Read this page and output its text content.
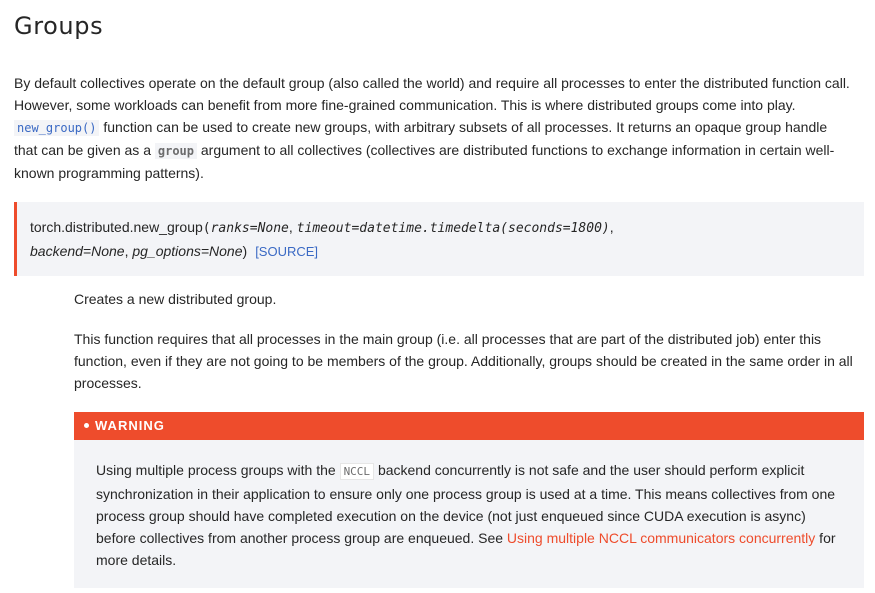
Groups

By default collectives operate on the default group (also called the world) and require all processes to enter the distributed function call. However, some workloads can benefit from more fine-grained communication. This is where distributed groups come into play. new_group() function can be used to create new groups, with arbitrary subsets of all processes. It returns an opaque group handle that can be given as a group argument to all collectives (collectives are distributed functions to exchange information in certain well-known programming patterns).

torch.distributed.new_group(ranks=None, timeout=datetime.timedelta(seconds=1800),
backend=None, pg_options=None) [SOURCE]

Creates a new distributed group.

This function requires that all processes in the main group (i.e. all processes that are part of the distributed job) enter this function, even if they are not going to be members of the group. Additionally, groups should be created in the same order in all processes.

WARNING
Using multiple process groups with the NCCL backend concurrently is not safe and the user should perform explicit synchronization in their application to ensure only one process group is used at a time. This means collectives from one process group should have completed execution on the device (not just enqueued since CUDA execution is async) before collectives from another process group are enqueued. See Using multiple NCCL communicators concurrently for more details.
